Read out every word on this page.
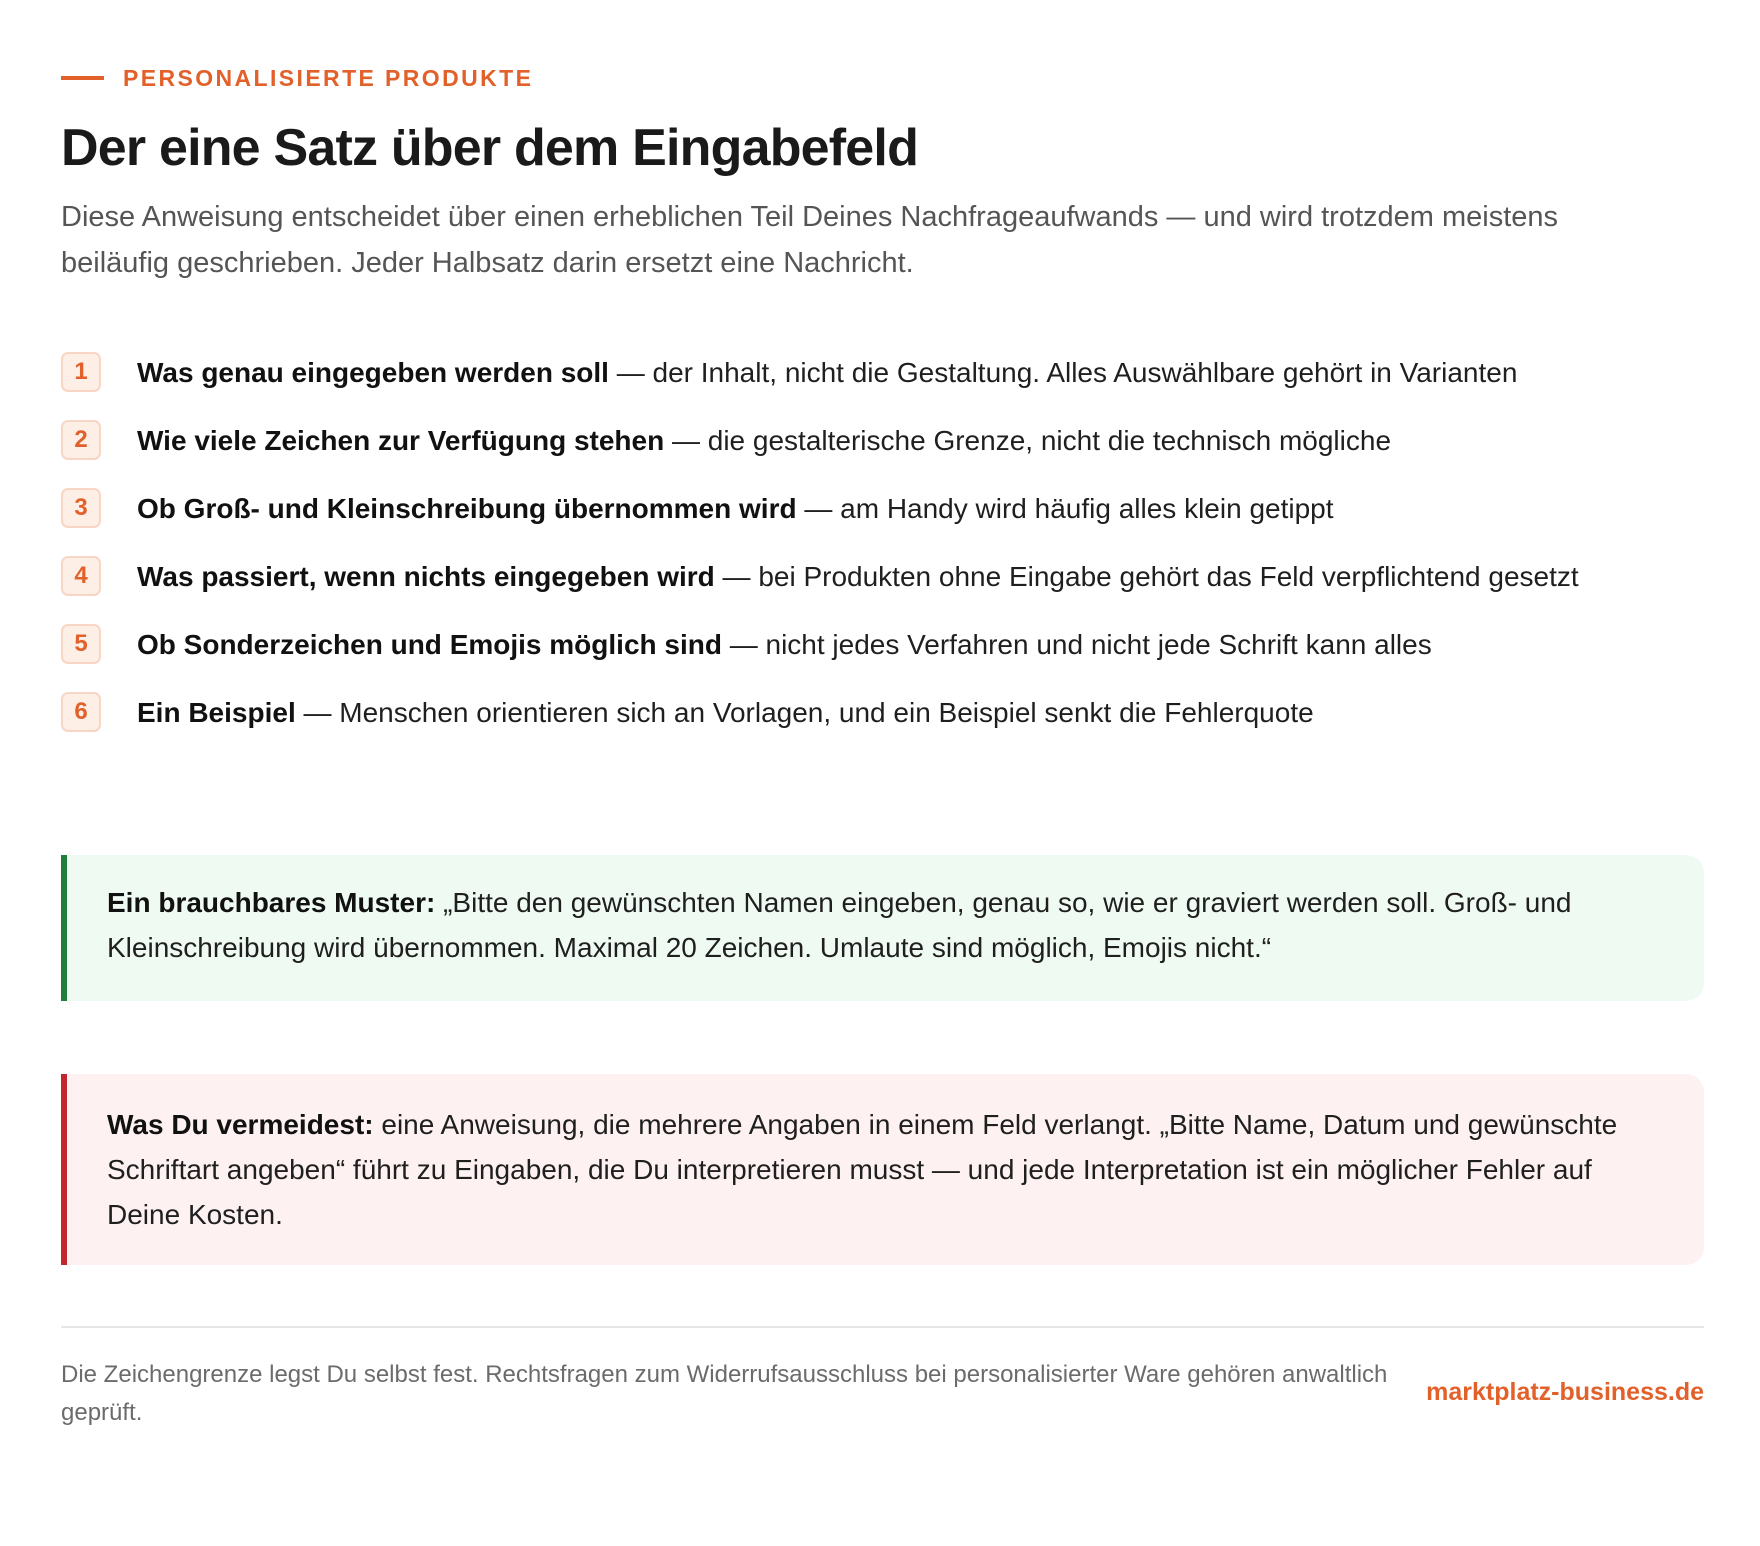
PERSONALISIERTE PRODUKTE
Der eine Satz über dem Eingabefeld

Diese Anweisung entscheidet über einen erheblichen Teil Deines Nachfrageaufwands — und wird trotzdem meistens beiläufig geschrieben. Jeder Halbsatz darin ersetzt eine Nachricht.

1	Was genau eingegeben werden soll — der Inhalt, nicht die Gestaltung. Alles Auswählbare gehört in Varianten
2	Wie viele Zeichen zur Verfügung stehen — die gestalterische Grenze, nicht die technisch mögliche
3	Ob Groß- und Kleinschreibung übernommen wird — am Handy wird häufig alles klein getippt
4	Was passiert, wenn nichts eingegeben wird — bei Produkten ohne Eingabe gehört das Feld verpflichtend gesetzt
5	Ob Sonderzeichen und Emojis möglich sind — nicht jedes Verfahren und nicht jede Schrift kann alles
6	Ein Beispiel — Menschen orientieren sich an Vorlagen, und ein Beispiel senkt die Fehlerquote
Ein brauchbares Muster: „Bitte den gewünschten Namen eingeben, genau so, wie er graviert werden soll. Groß- und Kleinschreibung wird übernommen. Maximal 20 Zeichen. Umlaute sind möglich, Emojis nicht.“
Was Du vermeidest: eine Anweisung, die mehrere Angaben in einem Feld verlangt. „Bitte Name, Datum und gewünschte Schriftart angeben“ führt zu Eingaben, die Du interpretieren musst — und jede Interpretation ist ein möglicher Fehler auf Deine Kosten.

Die Zeichengrenze legst Du selbst fest. Rechtsfragen zum Widerrufsausschluss bei personalisierter Ware gehören anwaltlich geprüft.

marktplatz-business.de
